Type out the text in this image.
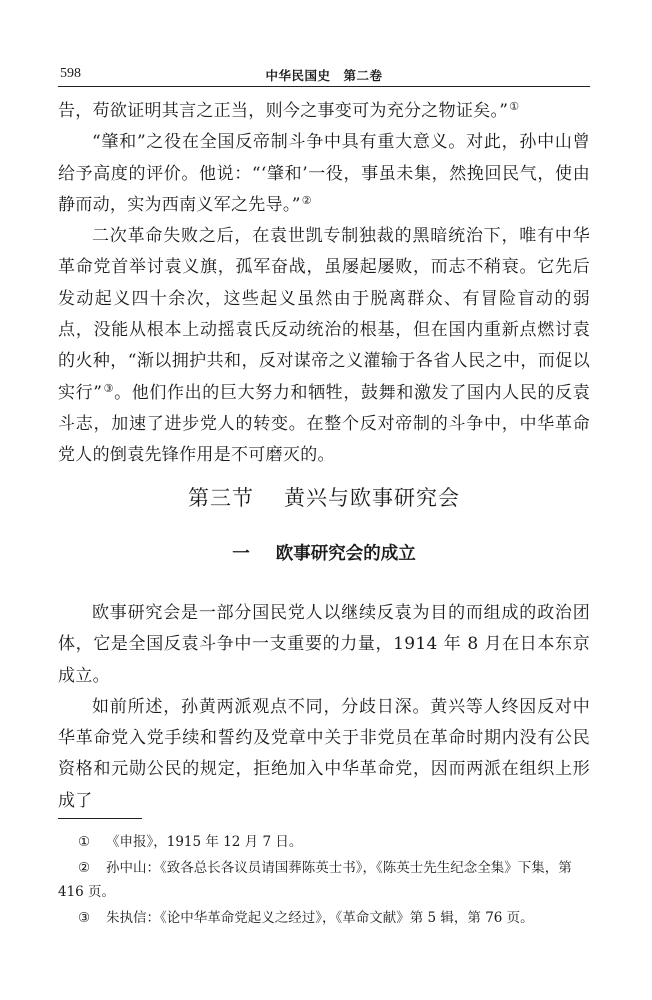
598	中华民国史　第二卷

告，苟欲证明其言之正当，则今之事变可为充分之物证矣。”①

“肇和”之役在全国反帝制斗争中具有重大意义。对此，孙中山曾给予高度的评价。他说：“‘肇和’一役，事虽未集，然挽回民气，使由静而动，实为西南义军之先导。”②

二次革命失败之后，在袁世凯专制独裁的黑暗统治下，唯有中华革命党首举讨袁义旗，孤军奋战，虽屡起屡败，而志不稍衰。它先后发动起义四十余次，这些起义虽然由于脱离群众、有冒险盲动的弱点，没能从根本上动摇袁氏反动统治的根基，但在国内重新点燃讨袁的火种，“渐以拥护共和，反对谋帝之义灌输于各省人民之中，而促以实行”③。他们作出的巨大努力和牺牲，鼓舞和激发了国内人民的反袁斗志，加速了进步党人的转变。在整个反对帝制的斗争中，中华革命党人的倒袁先锋作用是不可磨灭的。

第三节 黄兴与欧事研究会
一 欧事研究会的成立

欧事研究会是一部分国民党人以继续反袁为目的而组成的政治团体，它是全国反袁斗争中一支重要的力量，1914 年 8 月在日本东京成立。

如前所述，孙黄两派观点不同，分歧日深。黄兴等人终因反对中华革命党入党手续和誓约及党章中关于非党员在革命时期内没有公民资格和元勋公民的规定，拒绝加入中华革命党，因而两派在组织上形成了

① 《申报》，1915 年 12 月 7 日。

② 孙中山：《致各总长各议员请国葬陈英士书》，《陈英士先生纪念全集》下集，第 416 页。

③ 朱执信：《论中华革命党起义之经过》，《革命文献》第 5 辑，第 76 页。
